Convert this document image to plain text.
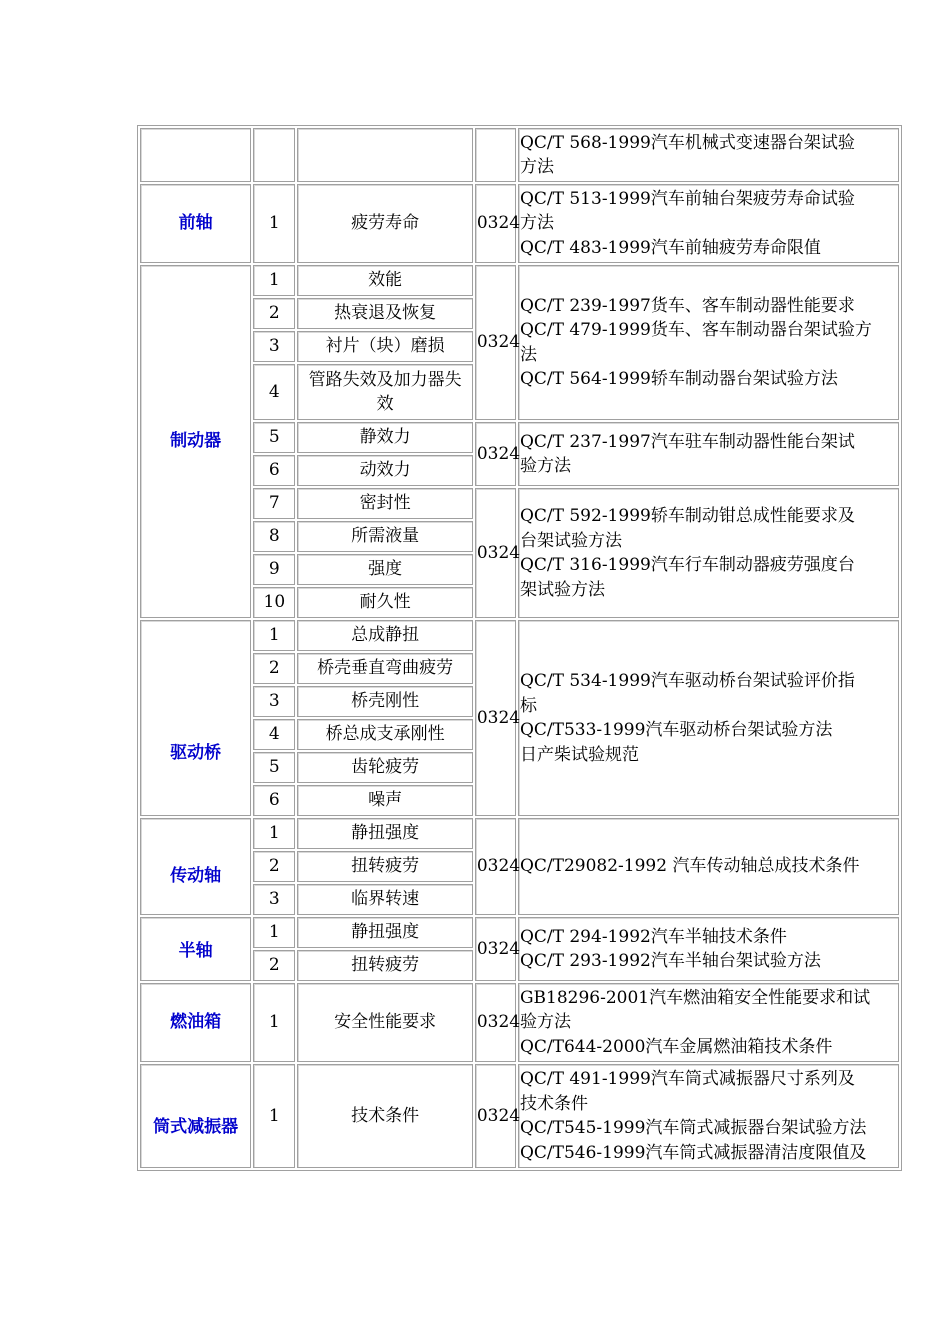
				QC/T 568-1999汽车机械式变速器台架试验
方法

前轴	1	疲劳寿命	0324	QC/T 513-1999汽车前轴台架疲劳寿命试验
方法
QC/T 483-1999汽车前轴疲劳寿命限值

制动器	1	效能	0324	QC/T 239-1997货车、客车制动器性能要求
QC/T 479-1999货车、客车制动器台架试验方
法
QC/T 564-1999轿车制动器台架试验方法

	2	热衰退及恢复		
	3	衬片（块）磨损		
	4	管路失效及加力器失
效		

	5	静效力	0324	QC/T 237-1997汽车驻车制动器性能台架试
验方法

	6	动效力		
	7	密封性	0324	QC/T 592-1999轿车制动钳总成性能要求及
台架试验方法
QC/T 316-1999汽车行车制动器疲劳强度台
架试验方法

	8	所需液量		
	9	强度		
	10	耐久性		
驱动桥	1	总成静扭	0324	QC/T 534-1999汽车驱动桥台架试验评价指
标
QC/T533-1999汽车驱动桥台架试验方法
日产柴试验规范

	2	桥壳垂直弯曲疲劳		
	3	桥壳刚性		
	4	桥总成支承刚性		
	5	齿轮疲劳		
	6	噪声		
传动轴	1	静扭强度	0324	QC/T29082-1992 汽车传动轴总成技术条件

	2	扭转疲劳		
	3	临界转速		
半轴	1	静扭强度	0324	QC/T 294-1992汽车半轴技术条件
QC/T 293-1992汽车半轴台架试验方法

	2	扭转疲劳		
燃油箱	1	安全性能要求	0324	GB18296-2001汽车燃油箱安全性能要求和试
验方法
QC/T644-2000汽车金属燃油箱技术条件

筒式减振器	1	技术条件	0324	QC/T 491-1999汽车筒式减振器尺寸系列及
技术条件
QC/T545-1999汽车筒式减振器台架试验方法
QC/T546-1999汽车筒式减振器清洁度限值及
